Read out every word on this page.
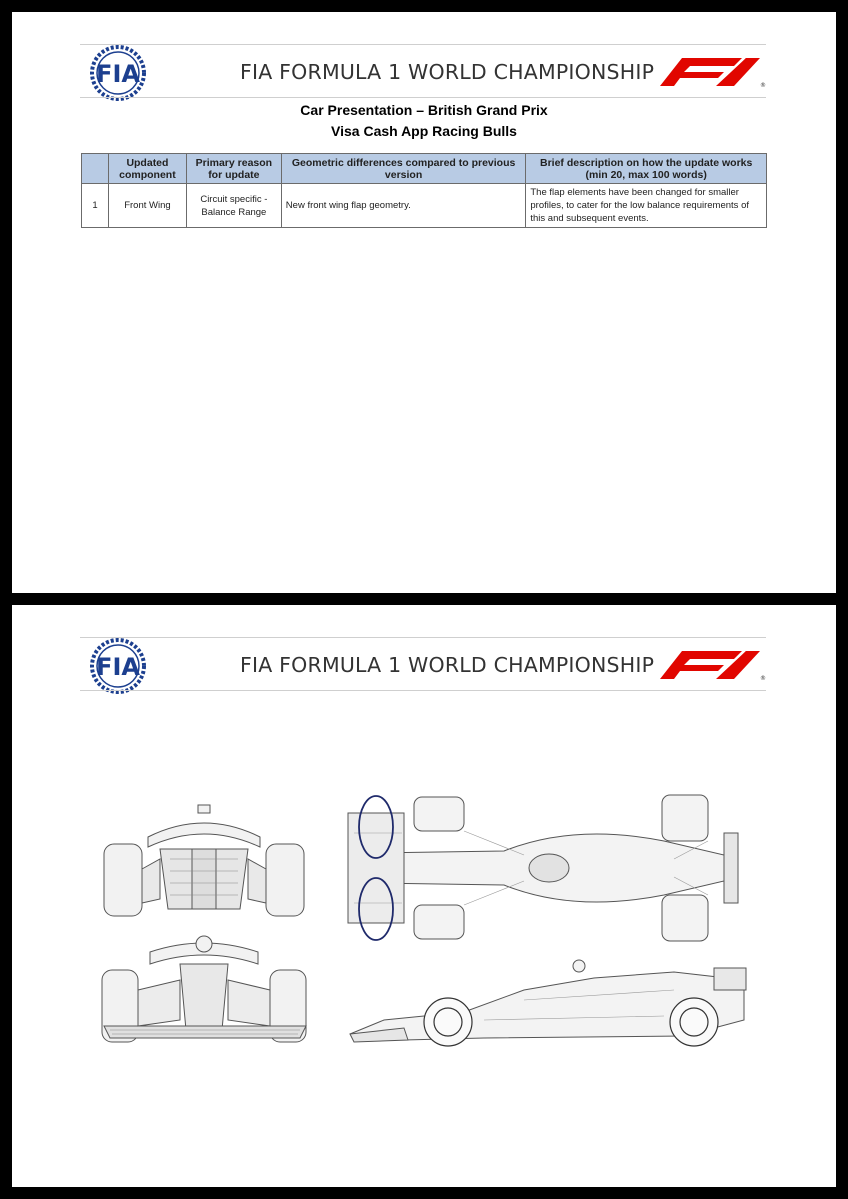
FIA	FIA FORMULA 1 WORLD CHAMPIONSHIP
®
Car Presentation – British Grand Prix
Visa Cash App Racing Bulls
	Updated component	Primary reason for update	Geometric differences compared to previous version	Brief description on how the update works (min 20, max 100 words)
1	Front Wing	Circuit specific - Balance Range	New front wing flap geometry.	The flap elements have been changed for smaller profiles, to cater for the low balance requirements of this and subsequent events.
FIA	FIA FORMULA 1 WORLD CHAMPIONSHIP
®
